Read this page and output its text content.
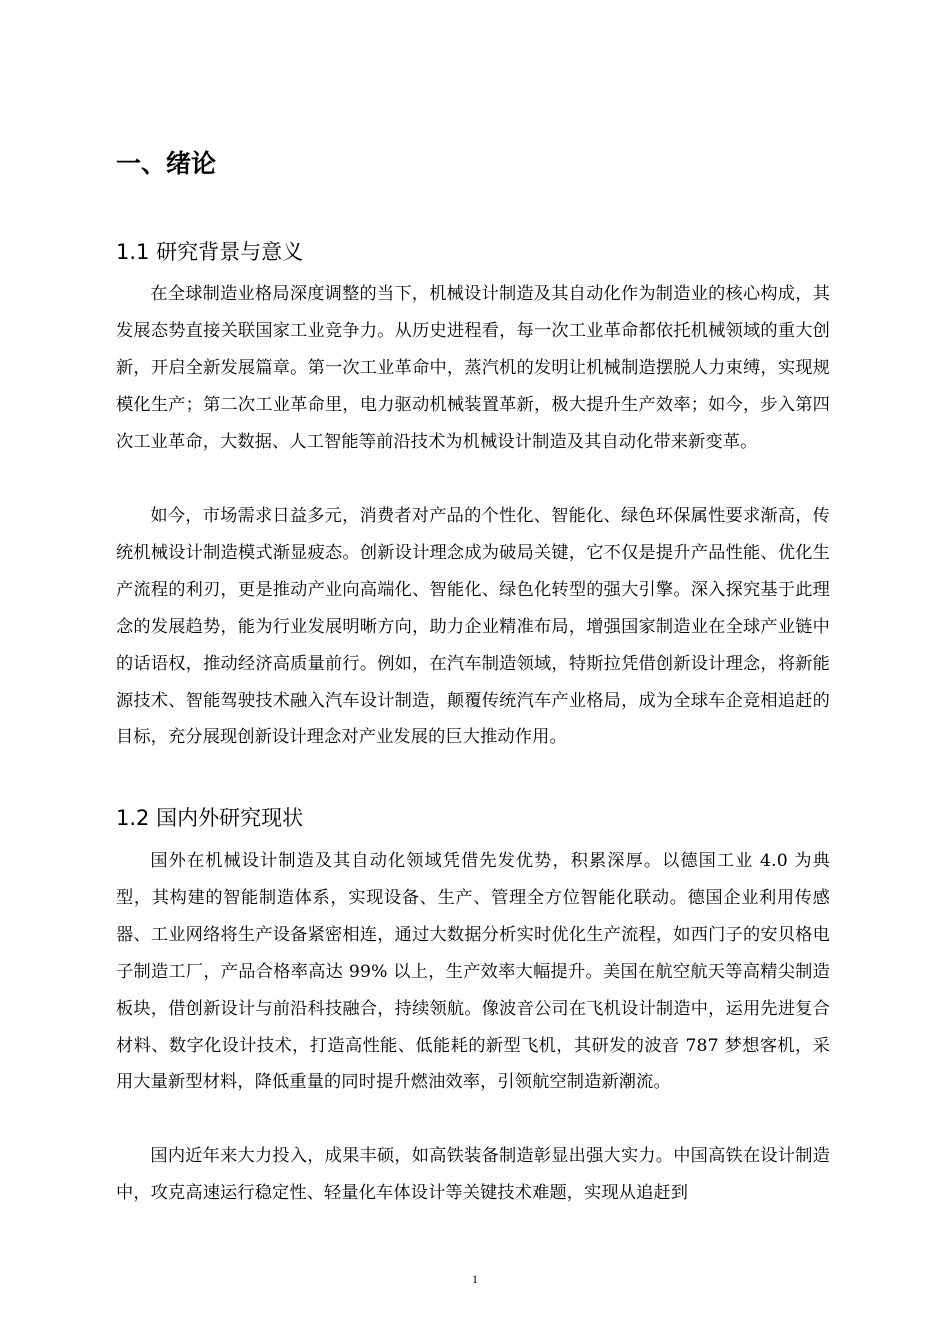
一、绪论
1.1 研究背景与意义

在全球制造业格局深度调整的当下，机械设计制造及其自动化作为制造业的核心构成，其发展态势直接关联国家工业竞争力。从历史进程看，每一次工业革命都依托机械领域的重大创新，开启全新发展篇章。第一次工业革命中，蒸汽机的发明让机械制造摆脱人力束缚，实现规模化生产；第二次工业革命里，电力驱动机械装置革新，极大提升生产效率；如今，步入第四次工业革命，大数据、人工智能等前沿技术为机械设计制造及其自动化带来新变革。

如今，市场需求日益多元，消费者对产品的个性化、智能化、绿色环保属性要求渐高，传统机械设计制造模式渐显疲态。创新设计理念成为破局关键，它不仅是提升产品性能、优化生产流程的利刃，更是推动产业向高端化、智能化、绿色化转型的强大引擎。深入探究基于此理念的发展趋势，能为行业发展明晰方向，助力企业精准布局，增强国家制造业在全球产业链中的话语权，推动经济高质量前行。例如，在汽车制造领域，特斯拉凭借创新设计理念，将新能源技术、智能驾驶技术融入汽车设计制造，颠覆传统汽车产业格局，成为全球车企竞相追赶的目标，充分展现创新设计理念对产业发展的巨大推动作用。

1.2 国内外研究现状

国外在机械设计制造及其自动化领域凭借先发优势，积累深厚。以德国工业 4.0 为典型，其构建的智能制造体系，实现设备、生产、管理全方位智能化联动。德国企业利用传感器、工业网络将生产设备紧密相连，通过大数据分析实时优化生产流程，如西门子的安贝格电子制造工厂，产品合格率高达 99% 以上，生产效率大幅提升。美国在航空航天等高精尖制造板块，借创新设计与前沿科技融合，持续领航。像波音公司在飞机设计制造中，运用先进复合材料、数字化设计技术，打造高性能、低能耗的新型飞机，其研发的波音 787 梦想客机，采用大量新型材料，降低重量的同时提升燃油效率，引领航空制造新潮流。

国内近年来大力投入，成果丰硕，如高铁装备制造彰显出强大实力。中国高铁在设计制造中，攻克高速运行稳定性、轻量化车体设计等关键技术难题，实现从追赶到

1
